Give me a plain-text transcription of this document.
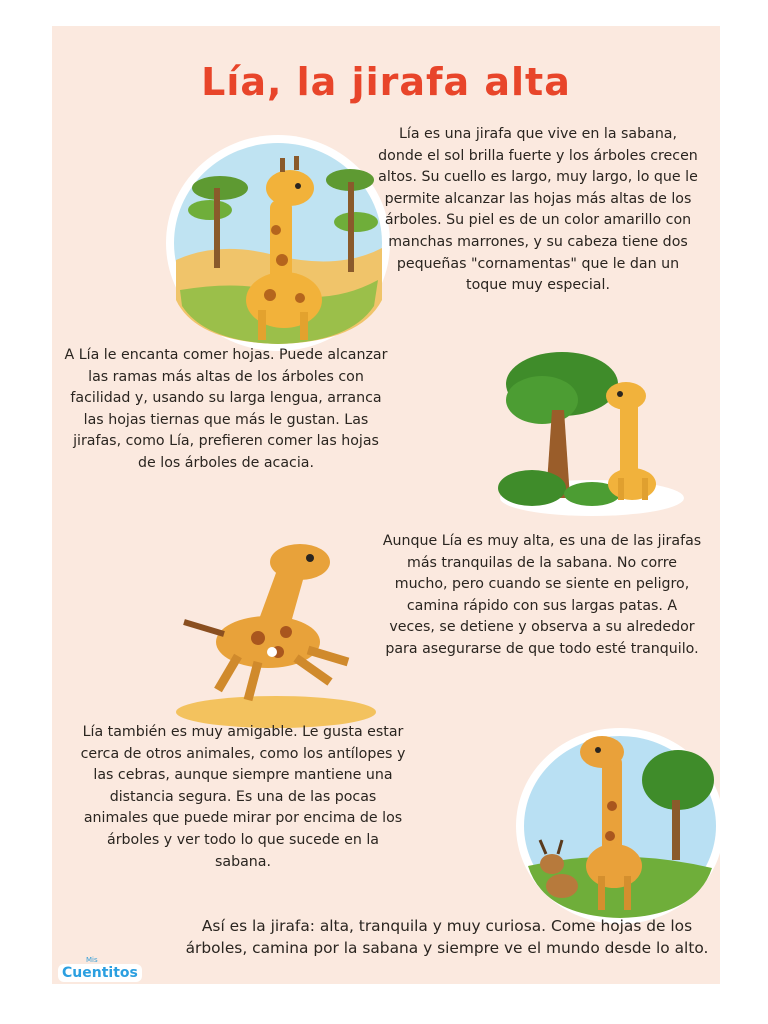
Lía, la jirafa alta
Mis
Cuentitos

Lía es una jirafa que vive en la sabana, donde el sol brilla fuerte y los árboles crecen altos. Su cuello es largo, muy largo, lo que le permite alcanzar las hojas más altas de los árboles. Su piel es de un color amarillo con manchas marrones, y su cabeza tiene dos pequeñas "cornamentas" que le dan un toque muy especial.

A Lía le encanta comer hojas. Puede alcanzar las ramas más altas de los árboles con facilidad y, usando su larga lengua, arranca las hojas tiernas que más le gustan. Las jirafas, como Lía, prefieren comer las hojas de los árboles de acacia.

Aunque Lía es muy alta, es una de las jirafas más tranquilas de la sabana. No corre mucho, pero cuando se siente en peligro, camina rápido con sus largas patas. A veces, se detiene y observa a su alrededor para asegurarse de que todo esté tranquilo.

Lía también es muy amigable. Le gusta estar cerca de otros animales, como los antílopes y las cebras, aunque siempre mantiene una distancia segura. Es una de las pocas animales que puede mirar por encima de los árboles y ver todo lo que sucede en la sabana.

Así es la jirafa: alta, tranquila y muy curiosa. Come hojas de los árboles, camina por la sabana y siempre ve el mundo desde lo alto.
